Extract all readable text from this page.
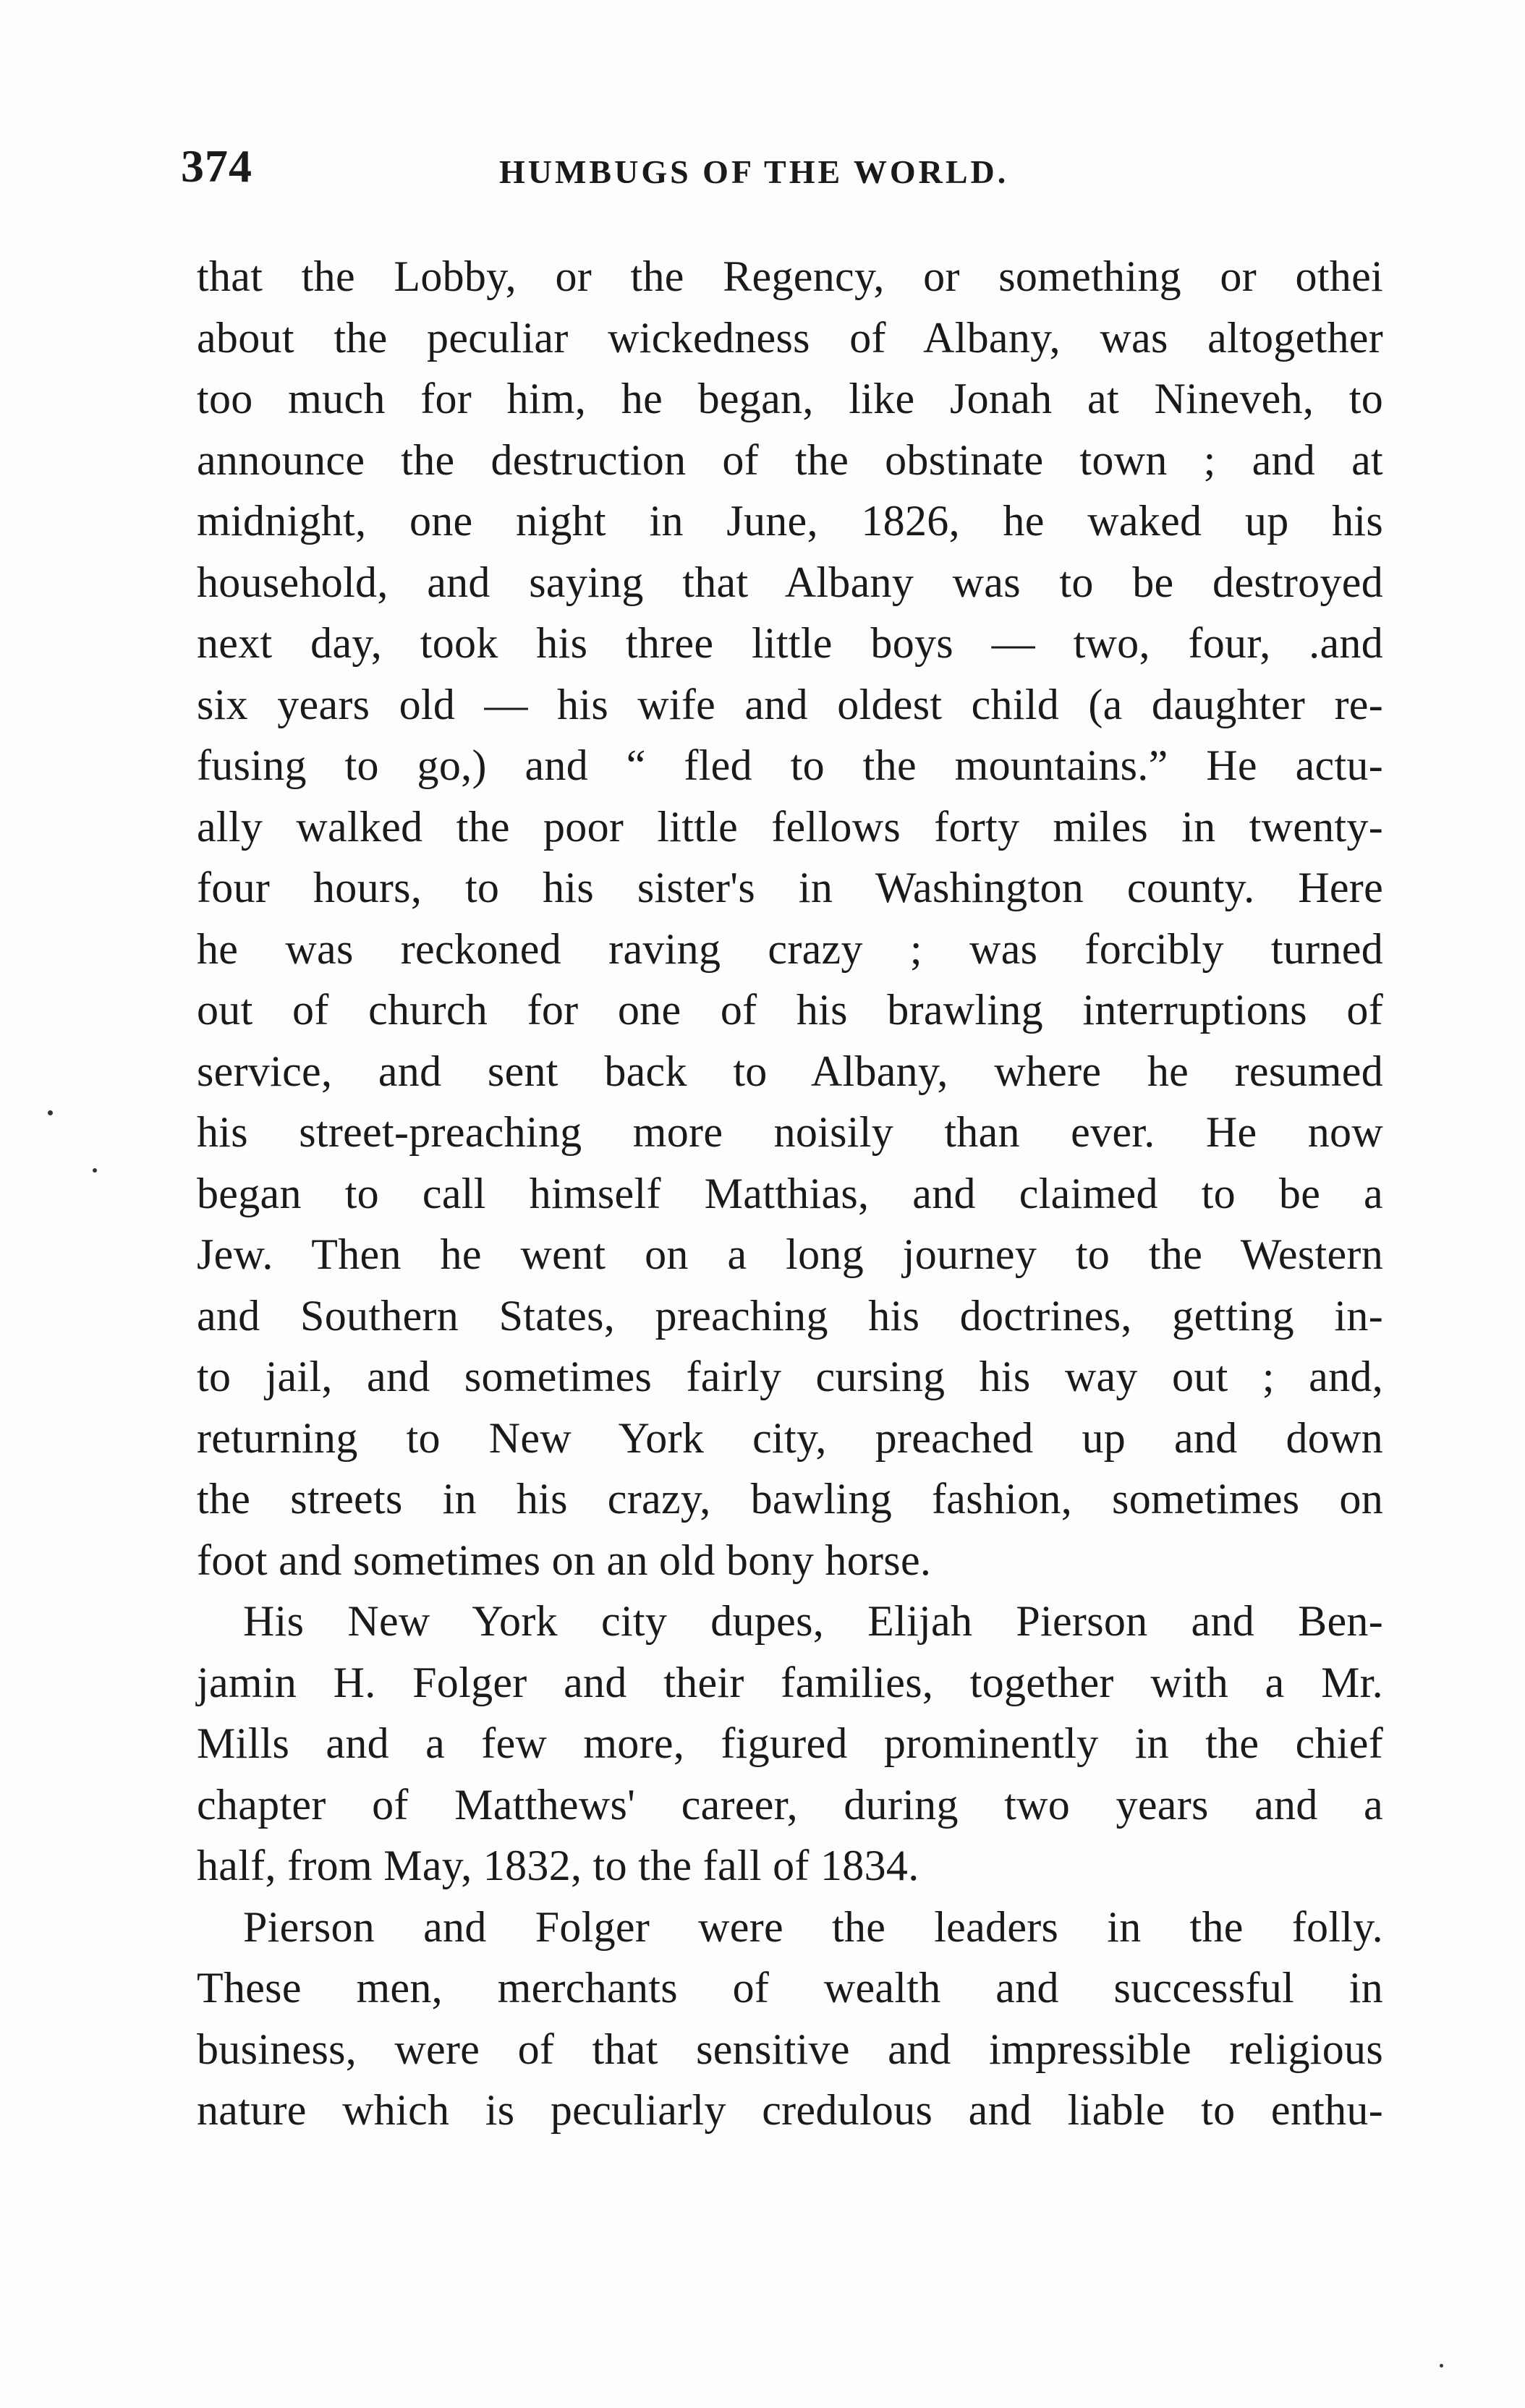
374	HUMBUGS OF THE WORLD.
that the Lobby, or the Regency, or something or othei
about the peculiar wickedness of Albany, was altogether
too much for him, he began, like Jonah at Nineveh, to
announce the destruction of the obstinate town ; and at
midnight, one night in June, 1826, he waked up his
household, and saying that Albany was to be destroyed
next day, took his three little boys — two, four, .and
six years old — his wife and oldest child (a daughter re-
fusing to go,) and “ fled to the mountains.” He actu-
ally walked the poor little fellows forty miles in twenty-
four hours, to his sister's in Washington county. Here
he was reckoned raving crazy ; was forcibly turned
out of church for one of his brawling interruptions of
service, and sent back to Albany, where he resumed
his street-preaching more noisily than ever. He now
began to call himself Matthias, and claimed to be a
Jew. Then he went on a long journey to the Western
and Southern States, preaching his doctrines, getting in-
to jail, and sometimes fairly cursing his way out ; and,
returning to New York city, preached up and down
the streets in his crazy, bawling fashion, sometimes on
foot and sometimes on an old bony horse.
His New York city dupes, Elijah Pierson and Ben-
jamin H. Folger and their families, together with a Mr.
Mills and a few more, figured prominently in the chief
chapter of Matthews' career, during two years and a
half, from May, 1832, to the fall of 1834.
Pierson and Folger were the leaders in the folly.
These men, merchants of wealth and successful in
business, were of that sensitive and impressible religious
nature which is peculiarly credulous and liable to enthu-
